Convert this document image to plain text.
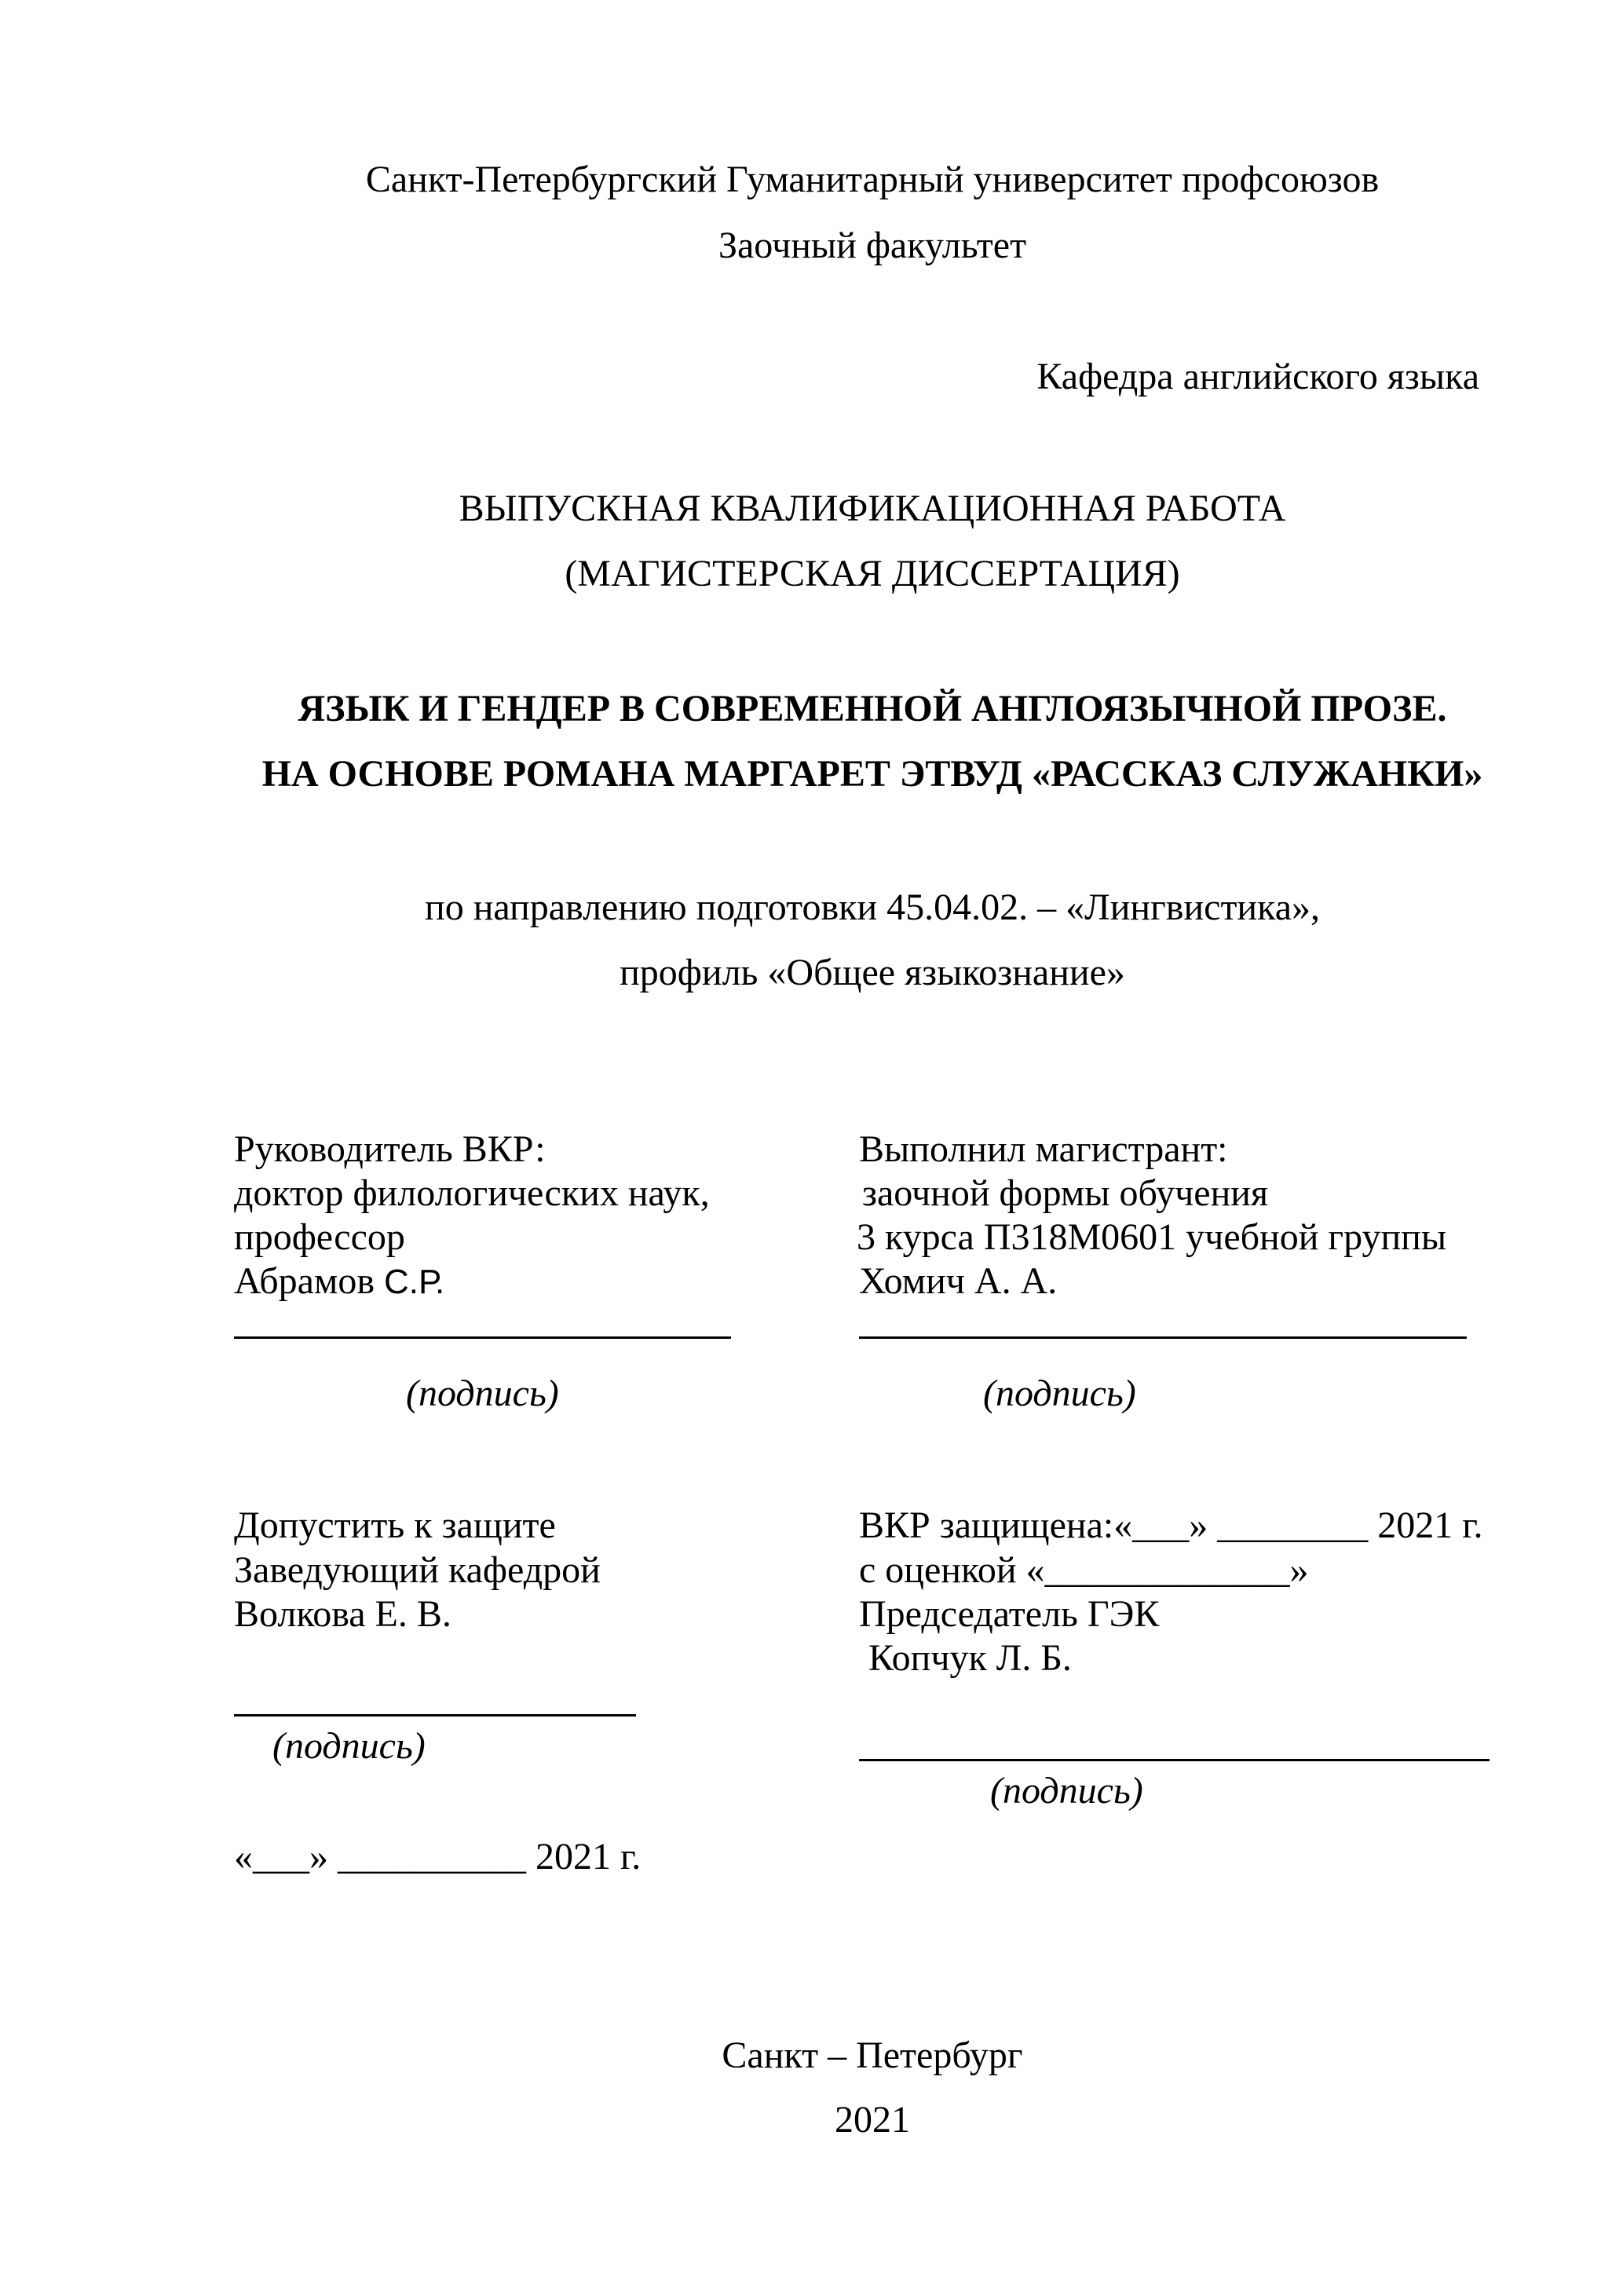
Санкт-Петербургский Гуманитарный университет профсоюзов
Заочный факультет
Кафедра английского языка
ВЫПУСКНАЯ КВАЛИФИКАЦИОННАЯ РАБОТА
(МАГИСТЕРСКАЯ ДИССЕРТАЦИЯ)
ЯЗЫК И ГЕНДЕР В СОВРЕМЕННОЙ АНГЛОЯЗЫЧНОЙ ПРОЗЕ.
НА ОСНОВЕ РОМАНА МАРГАРЕТ ЭТВУД «РАССКАЗ СЛУЖАНКИ»
по направлению подготовки 45.04.02. – «Лингвистика»,
профиль «Общее языкознание»
Руководитель ВКР:
доктор филологических наук,
профессор
Абрамов С.Р.
(подпись)
Выполнил магистрант:
заочной формы обучения
3 курса П318М0601 учебной группы
Хомич А. А.
(подпись)
Допустить к защите
Заведующий кафедрой
Волкова Е. В.
(подпись)
«___» __________ 2021 г.
ВКР защищена:«___» ________ 2021 г.
с оценкой «_____________»
Председатель ГЭК
Копчук Л. Б.
(подпись)
Санкт – Петербург
2021
